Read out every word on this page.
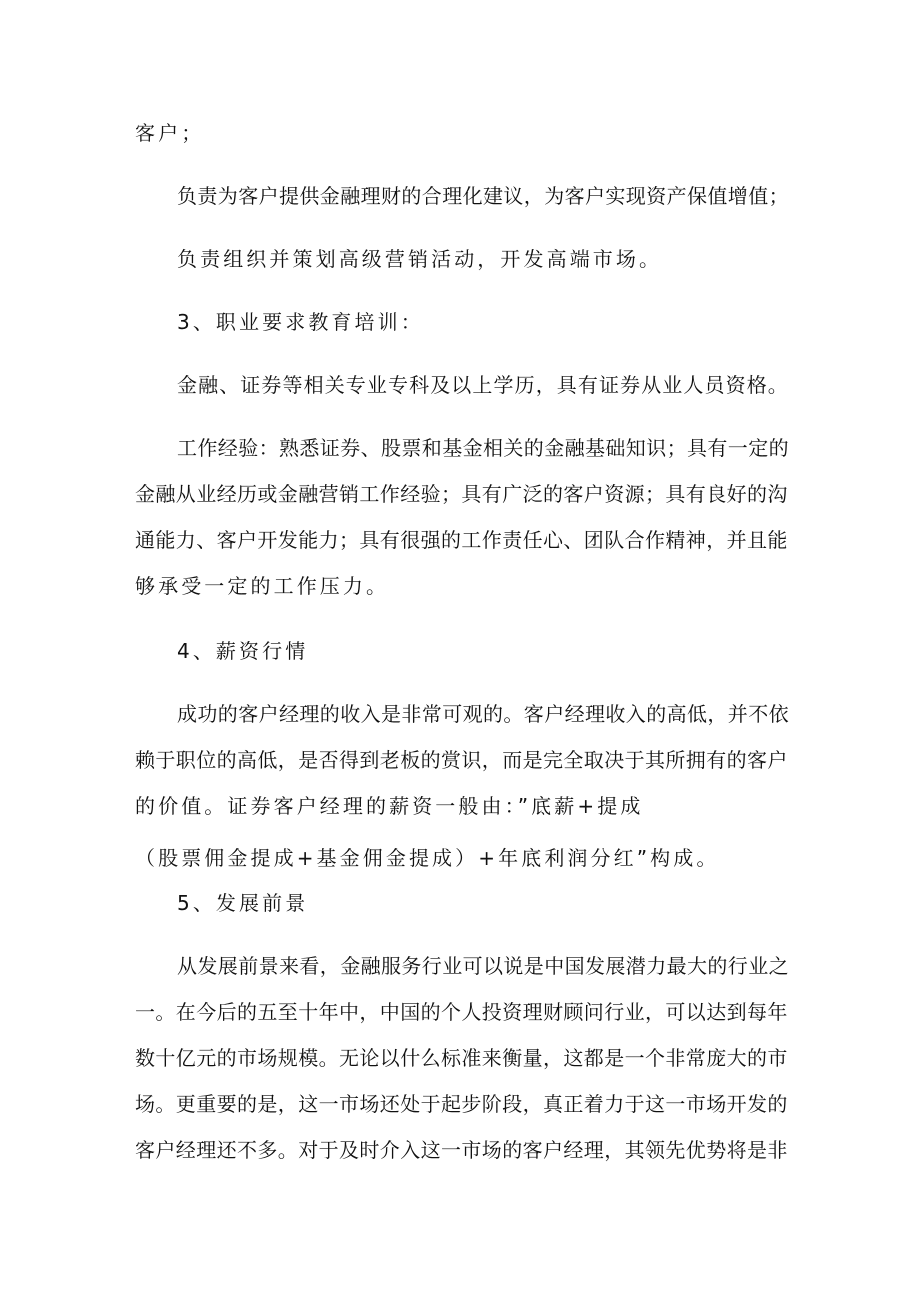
客户；
负责为客户提供金融理财的合理化建议，为客户实现资产保值增值；
负责组织并策划高级营销活动，开发高端市场。
3、职业要求教育培训：
金融、证券等相关专业专科及以上学历，具有证券从业人员资格。
工作经验：熟悉证券、股票和基金相关的金融基础知识；具有一定的
金融从业经历或金融营销工作经验；具有广泛的客户资源；具有良好的沟
通能力、客户开发能力；具有很强的工作责任心、团队合作精神，并且能
够承受一定的工作压力。
4、薪资行情
成功的客户经理的收入是非常可观的。客户经理收入的高低，并不依
赖于职位的高低，是否得到老板的赏识，而是完全取决于其所拥有的客户
的价值。证券客户经理的薪资一般由：”底薪+提成
（股票佣金提成+基金佣金提成）+年底利润分红”构成。
5、发展前景
从发展前景来看，金融服务行业可以说是中国发展潜力最大的行业之
一。在今后的五至十年中，中国的个人投资理财顾问行业，可以达到每年
数十亿元的市场规模。无论以什么标准来衡量，这都是一个非常庞大的市
场。更重要的是，这一市场还处于起步阶段，真正着力于这一市场开发的
客户经理还不多。对于及时介入这一市场的客户经理，其领先优势将是非
